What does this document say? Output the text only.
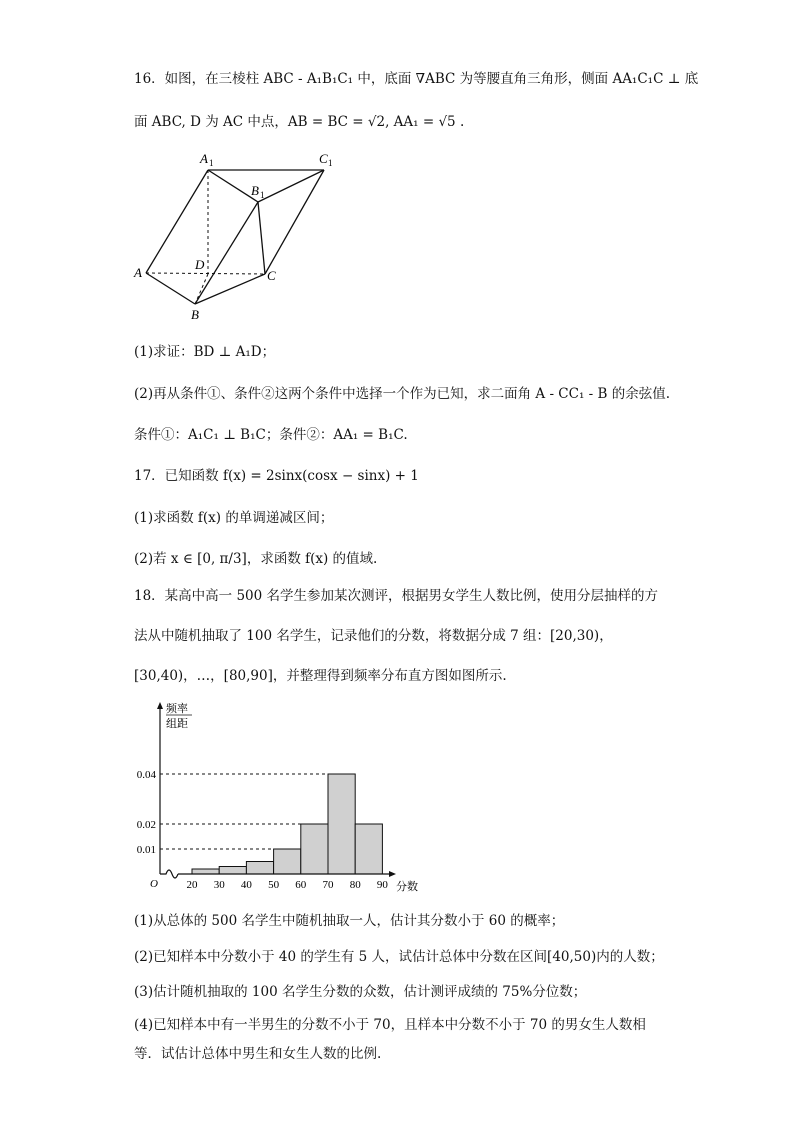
16．如图，在三棱柱 ABC - A₁B₁C₁ 中，底面 ∇ABC 为等腰直角三角形，侧面 AA₁C₁C ⊥ 底
面 ABC, D 为 AC 中点，AB = BC = √2, AA₁ = √5 .
A 1	C 1
B 1
A
D
C
B
(1)求证：BD ⊥ A₁D；
(2)再从条件①、条件②这两个条件中选择一个作为已知，求二面角 A - CC₁ - B 的余弦值.
条件①：A₁C₁ ⊥ B₁C；条件②：AA₁ = B₁C.
17．已知函数 f(x) = 2sinx(cosx − sinx) + 1
(1)求函数 f(x) 的单调递减区间；
(2)若 x ∈ [0, π/3]，求函数 f(x) 的值域.
18．某高中高一 500 名学生参加某次测评，根据男女学生人数比例，使用分层抽样的方
法从中随机抽取了 100 名学生，记录他们的分数，将数据分成 7 组：[20,30)，
[30,40)，…，[80,90]，并整理得到频率分布直方图如图所示.
频率
组距
分数
O
0.01
0.02
0.04
20 30 40 50 60 70 80 90
(1)从总体的 500 名学生中随机抽取一人，估计其分数小于 60 的概率；
(2)已知样本中分数小于 40 的学生有 5 人，试估计总体中分数在区间[40,50)内的人数；
(3)估计随机抽取的 100 名学生分数的众数，估计测评成绩的 75%分位数；
(4)已知样本中有一半男生的分数不小于 70，且样本中分数不小于 70 的男女生人数相
等．试估计总体中男生和女生人数的比例.
